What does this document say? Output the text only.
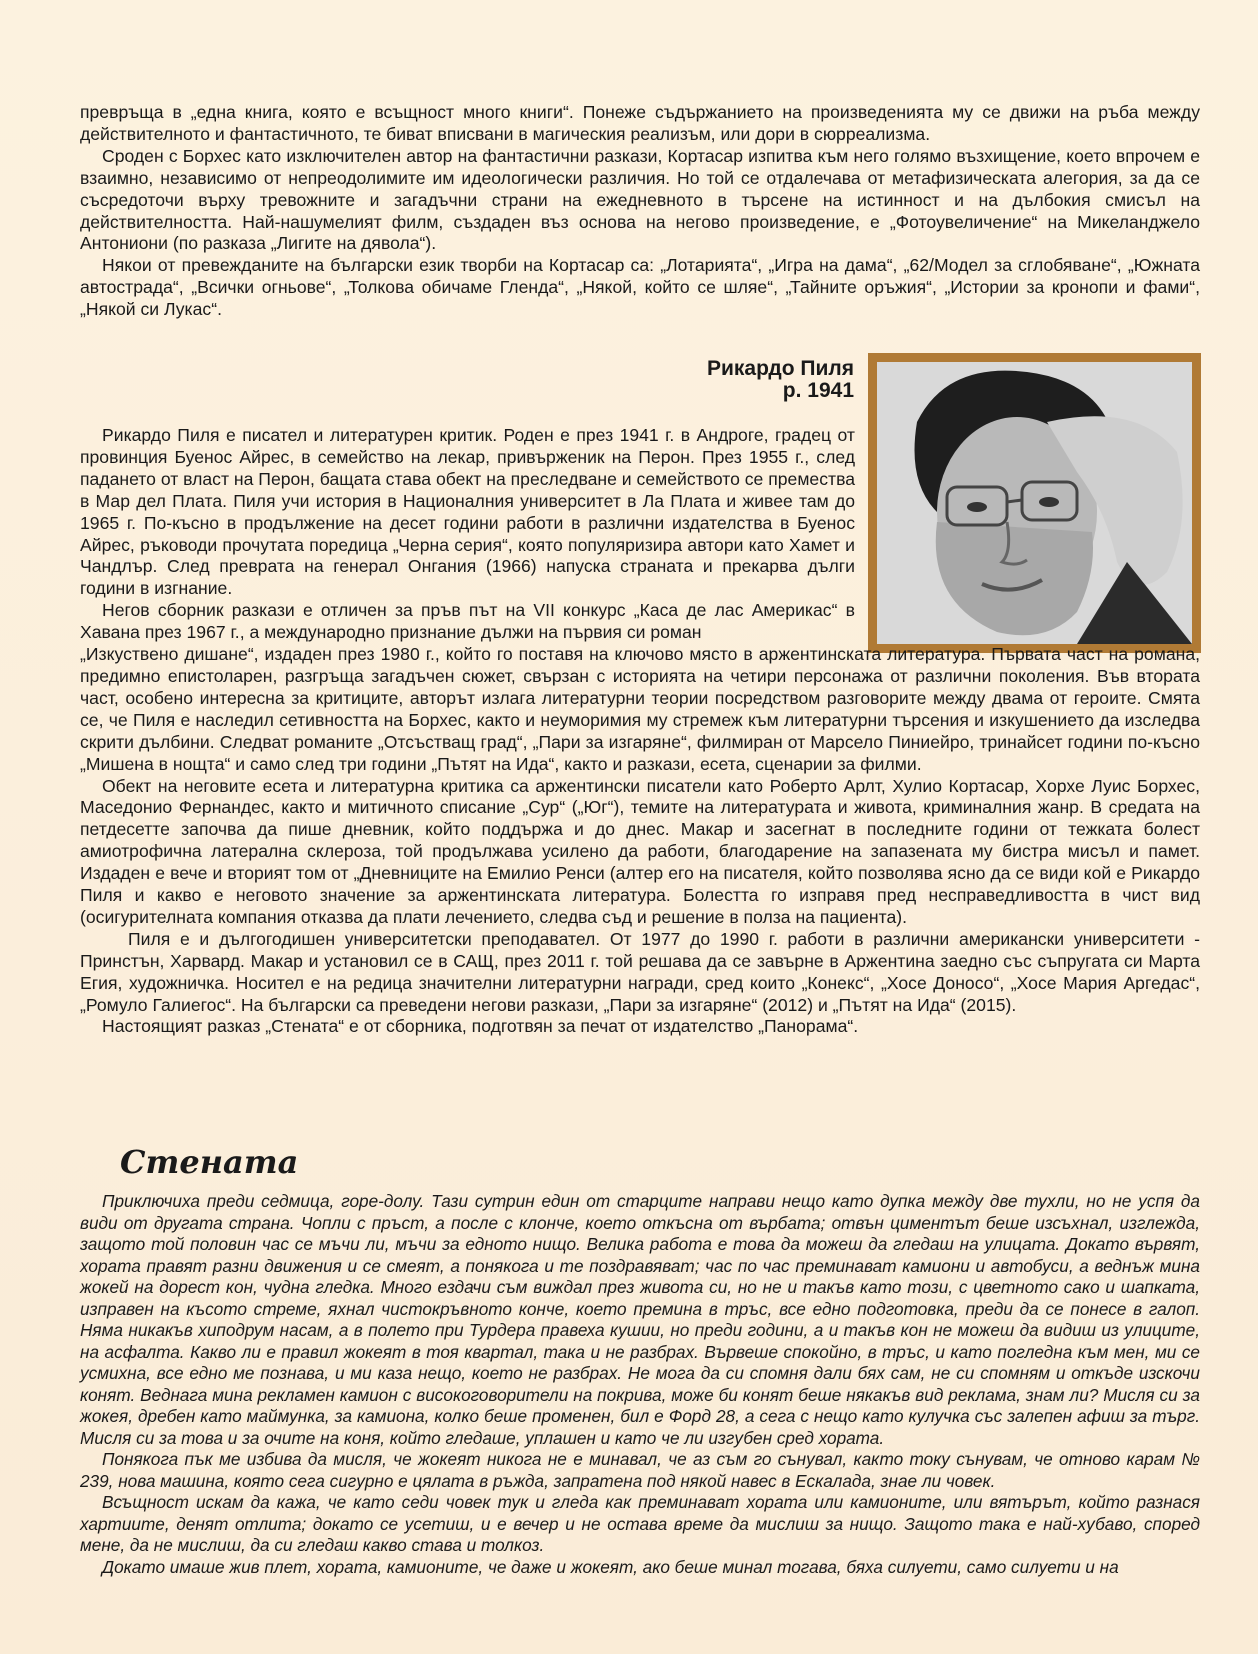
превръща в „една книга, която е всъщност много книги“. Понеже съдържанието на произведенията му се движи на ръба между действителното и фантастичното, те биват вписвани в магическия реализъм, или дори в сюрреализма.

Сроден с Борхес като изключителен автор на фантастични разкази, Кортасар изпитва към него голямо възхищение, което впрочем е взаимно, независимо от непреодолимите им идеологически различия. Но той се отдалечава от метафизическата алегория, за да се съсредоточи върху тревожните и загадъчни страни на ежедневното в търсене на истинност и на дълбокия смисъл на действителността. Най-нашумелият филм, създаден въз основа на негово произведение, е „Фотоувеличение“ на Микеланджело Антониони (по разказа „Лигите на дявола“).

Някои от превежданите на български език творби на Кортасар са: „Лотарията“, „Игра на дама“, „62/Модел за сглобяване“, „Южната автострада“, „Всички огньове“, „Толкова обичаме Гленда“, „Някой, който се шляе“, „Тайните оръжия“, „Истории за кронопи и фами“, „Някой си Лукас“.

Рикардо Пиля
р. 1941

Рикардо Пиля е писател и литературен критик. Роден е през 1941 г. в Андроге, градец от провинция Буенос Айрес, в семейство на лекар, привърженик на Перон. През 1955 г., след падането от власт на Перон, бащата става обект на преследване и семейството се премества в Мар дел Плата. Пиля учи история в Националния университет в Ла Плата и живее там до 1965 г. По-късно в продължение на десет години работи в различни издателства в Буенос Айрес, ръководи прочутата поредица „Черна серия“, която популяризира автори като Хамет и Чандлър. След преврата на генерал Онгания (1966) напуска страната и прекарва дълги години в изгнание.

Негов сборник разкази е отличен за пръв път на VII конкурс „Каса де лас Америкас“ в Хавана през 1967 г., а международно признание дължи на първия си роман

„Изкуствено дишане“, издаден през 1980 г., който го поставя на ключово място в аржентинската литература. Първата част на романа, предимно епистоларен, разгръща загадъчен сюжет, свързан с историята на четири персонажа от различни поколения. Във втората част, особено интересна за критиците, авторът излага литературни теории посредством разговорите между двама от героите. Смята се, че Пиля е наследил сетивността на Борхес, както и неуморимия му стремеж към литературни търсения и изкушението да изследва скрити дълбини. Следват романите „Отсъстващ град“, „Пари за изгаряне“, филмиран от Марсело Пиниейро, тринайсет години по-късно „Мишена в нощта“ и само след три години „Пътят на Ида“, както и разкази, есета, сценарии за филми.

Обект на неговите есета и литературна критика са аржентински писатели като Роберто Арлт, Хулио Кортасар, Хорхе Луис Борхес, Маседонио Фернандес, както и митичното списание „Сур“ („Юг“), темите на литературата и живота, криминалния жанр. В средата на петдесетте започва да пише дневник, който поддържа и до днес. Макар и засегнат в последните години от тежката болест амиотрофична латерална склероза, той продължава усилено да работи, благодарение на запазената му бистра мисъл и памет. Издаден е вече и вторият том от „Дневниците на Емилио Ренси (алтер его на писателя, който позволява ясно да се види кой е Рикардо Пиля и какво е неговото значение за аржентинската литература. Болестта го изправя пред несправедливостта в чист вид (осигурителната компания отказва да плати лечението, следва съд и решение в полза на пациента).

Пиля е и дългогодишен университетски преподавател. От 1977 до 1990 г. работи в различни американски университети - Принстън, Харвард. Макар и установил се в САЩ, през 2011 г. той решава да се завърне в Аржентина заедно със съпругата си Марта Егия, художничка. Носител е на редица значителни литературни награди, сред които „Конекс“, „Хосе Доносо“, „Хосе Мария Аргедас“, „Ромуло Галиегос“. На български са преведени негови разкази, „Пари за изгаряне“ (2012) и „Пътят на Ида“ (2015).

Настоящият разказ „Стената“ е от сборника, подготвян за печат от издателство „Панорама“.

Стената

Приключиха преди седмица, горе-долу. Тази сутрин един от старците направи нещо като дупка между две тухли, но не успя да види от другата страна. Чопли с пръст, а после с клонче, което откъсна от върбата; отвън циментът беше изсъхнал, изглежда, защото той половин час се мъчи ли, мъчи за едното нищо. Велика работа е това да можеш да гледаш на улицата. Докато вървят, хората правят разни движения и се смеят, а понякога и те поздравяват; час по час преминават камиони и автобуси, а веднъж мина жокей на дорест кон, чудна гледка. Много ездачи съм виждал през живота си, но не и такъв като този, с цветното сако и шапката, изправен на късото стреме, яхнал чистокръвното конче, което премина в тръс, все едно подготовка, преди да се понесе в галоп. Няма никакъв хиподрум насам, а в полето при Турдера правеха кушии, но преди години, а и такъв кон не можеш да видиш из улиците, на асфалта. Какво ли е правил жокеят в тоя квартал, така и не разбрах. Вървеше спокойно, в тръс, и като погледна към мен, ми се усмихна, все едно ме познава, и ми каза нещо, което не разбрах. Не мога да си спомня дали бях сам, не си спомням и откъде изскочи конят. Веднага мина рекламен камион с високоговорители на покрива, може би конят беше някакъв вид реклама, знам ли? Мисля си за жокея, дребен като маймунка, за камиона, колко беше променен, бил е Форд 28, а сега с нещо като кулучка със залепен афиш за търг. Мисля си за това и за очите на коня, който гледаше, уплашен и като че ли изгубен сред хората.

Понякога пък ме избива да мисля, че жокеят никога не е минавал, че аз съм го сънувал, както току сънувам, че отново карам № 239, нова машина, която сега сигурно е цялата в ръжда, запратена под някой навес в Ескалада, знае ли човек.

Всъщност искам да кажа, че като седи човек тук и гледа как преминават хората или камионите, или вятърът, който разнася хартиите, денят отлита; докато се усетиш, и е вечер и не остава време да мислиш за нищо. Защото така е най-хубаво, според мене, да не мислиш, да си гледаш какво става и толкоз.

Докато имаше жив плет, хората, камионите, че даже и жокеят, ако беше минал тогава, бяха силуети, само силуети и на
